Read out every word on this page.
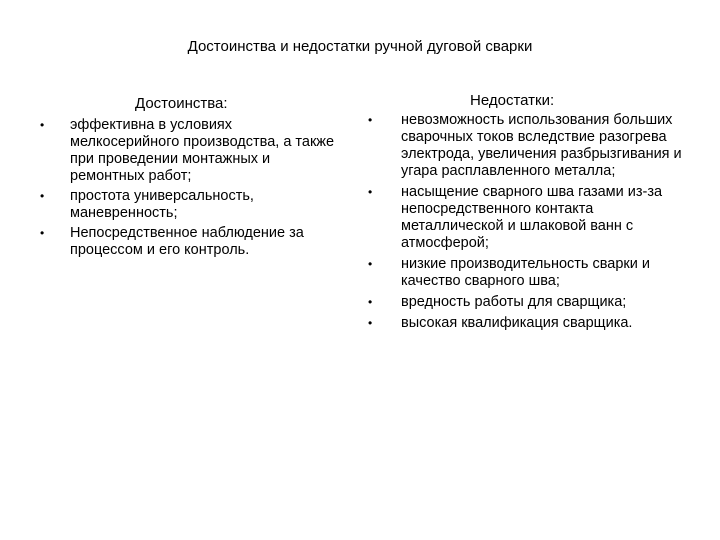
Достоинства и недостатки ручной дуговой сварки
Достоинства:
•	эффективна в условиях мелкосерийного производства, а также при проведении монтажных и ремонтных работ;
•	простота универсальность, маневренность;
•	Непосредственное наблюдение за процессом и его контроль.
Недостатки:
•	невозможность использования больших сварочных токов вследствие разогрева электрода, увеличения разбрызгивания и угара расплавленного металла;
•	насыщение сварного шва газами из-за непосредственного контакта металлической и шлаковой ванн с атмосферой;
•	низкие производительность сварки и качество сварного шва;
•	вредность работы для сварщика;
•	высокая квалификация сварщика.
